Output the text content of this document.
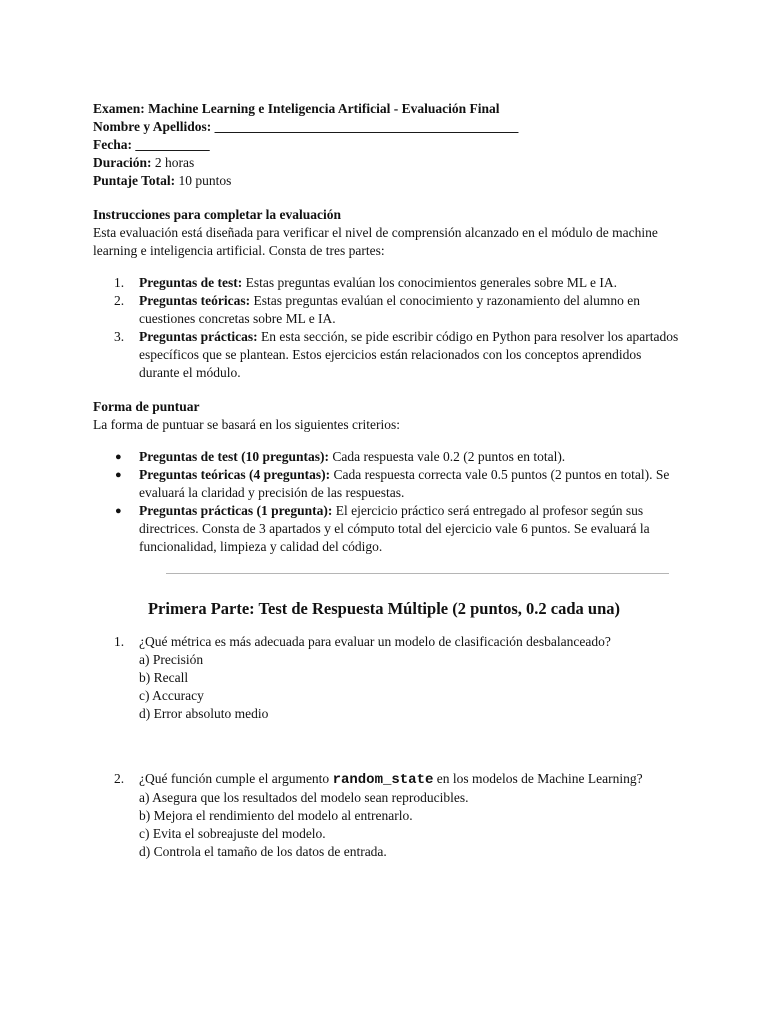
Examen: Machine Learning e Inteligencia Artificial - Evaluación Final

Nombre y Apellidos: _____________________________________________

Fecha: ___________

Duración: 2 horas

Puntaje Total: 10 puntos

Instrucciones para completar la evaluación

Esta evaluación está diseñada para verificar el nivel de comprensión alcanzado en el módulo de machine learning e inteligencia artificial. Consta de tres partes:

1. Preguntas de test: Estas preguntas evalúan los conocimientos generales sobre ML e IA.
2. Preguntas teóricas: Estas preguntas evalúan el conocimiento y razonamiento del alumno en cuestiones concretas sobre ML e IA.
3. Preguntas prácticas: En esta sección, se pide escribir código en Python para resolver los apartados específicos que se plantean. Estos ejercicios están relacionados con los conceptos aprendidos durante el módulo.

Forma de puntuar

La forma de puntuar se basará en los siguientes criterios:

● Preguntas de test (10 preguntas): Cada respuesta vale 0.2 (2 puntos en total).
● Preguntas teóricas (4 preguntas): Cada respuesta correcta vale 0.5 puntos (2 puntos en total). Se evaluará la claridad y precisión de las respuestas.
● Preguntas prácticas (1 pregunta): El ejercicio práctico será entregado al profesor según sus directrices. Consta de 3 apartados y el cómputo total del ejercicio vale 6 puntos. Se evaluará la funcionalidad, limpieza y calidad del código.
Primera Parte: Test de Respuesta Múltiple (2 puntos, 0.2 cada una)
1. ¿Qué métrica es más adecuada para evaluar un modelo de clasificación desbalanceado?
a) Precisión
b) Recall
c) Accuracy
d) Error absoluto medio
2. ¿Qué función cumple el argumento random_state en los modelos de Machine Learning?
a) Asegura que los resultados del modelo sean reproducibles.
b) Mejora el rendimiento del modelo al entrenarlo.
c) Evita el sobreajuste del modelo.
d) Controla el tamaño de los datos de entrada.
